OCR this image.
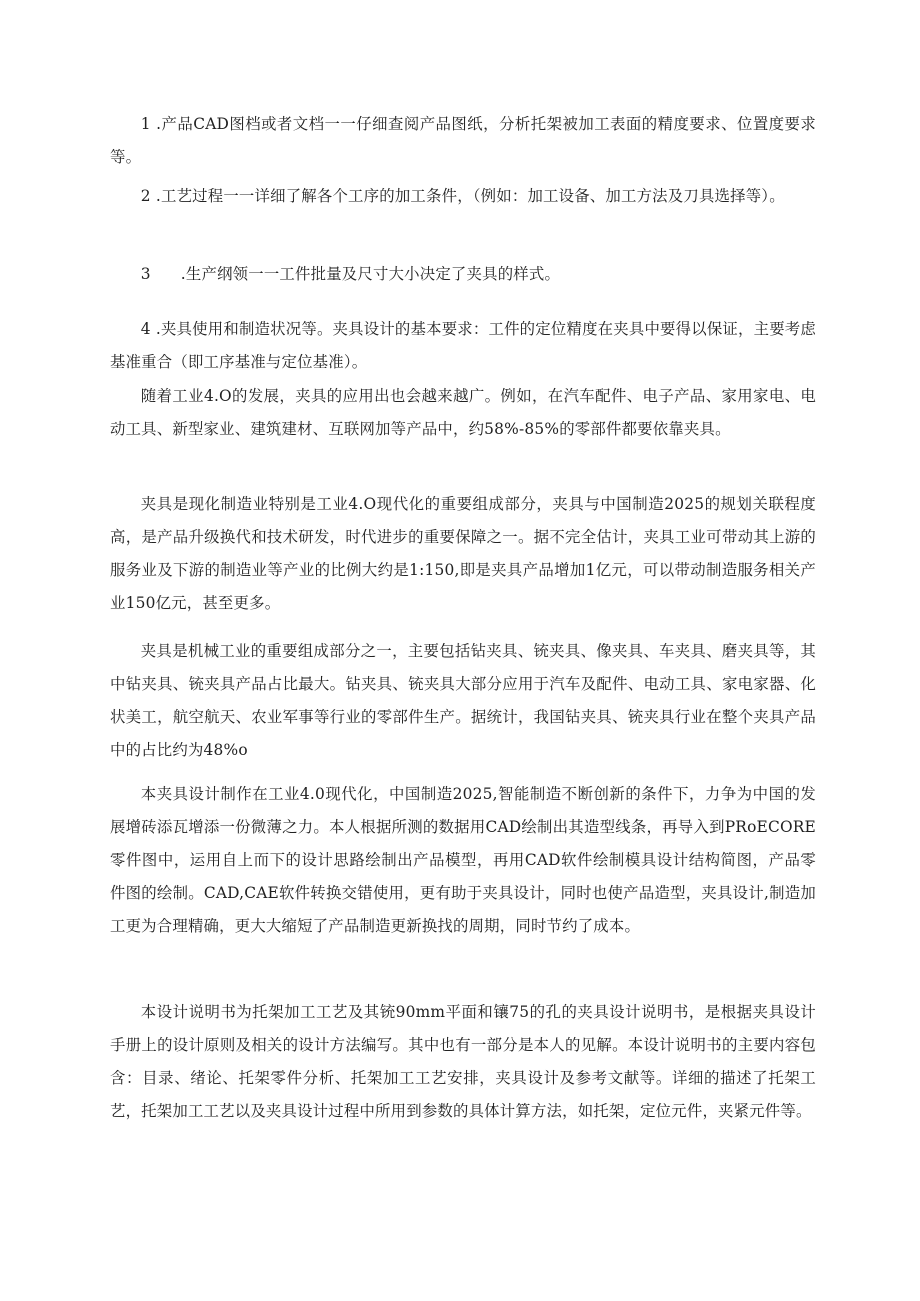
1 .产品CAD图档或者文档一一仔细查阅产品图纸，分析托架被加工表面的精度要求、位置度要求等。

2 .工艺过程一一详细了解各个工序的加工条件，（例如：加工设备、加工方法及刀具选择等）。

3 .生产纲领一一工件批量及尺寸大小决定了夹具的样式。

4 .夹具使用和制造状况等。夹具设计的基本要求：工件的定位精度在夹具中要得以保证，主要考虑基准重合（即工序基准与定位基准）。

随着工业4.O的发展，夹具的应用出也会越来越广。例如，在汽车配件、电子产品、家用家电、电动工具、新型家业、建筑建材、互联网加等产品中，约58%-85%的零部件都要依靠夹具。

夹具是现化制造业特别是工业4.O现代化的重要组成部分，夹具与中国制造2025的规划关联程度高，是产品升级换代和技术研发，时代进步的重要保障之一。据不完全估计，夹具工业可带动其上游的服务业及下游的制造业等产业的比例大约是1:150,即是夹具产品增加1亿元，可以带动制造服务相关产业150亿元，甚至更多。

夹具是机械工业的重要组成部分之一，主要包括钻夹具、铳夹具、像夹具、车夹具、磨夹具等，其中钻夹具、铳夹具产品占比最大。钻夹具、铳夹具大部分应用于汽车及配件、电动工具、家电家器、化状美工，航空航天、农业军事等行业的零部件生产。据统计，我国钻夹具、铳夹具行业在整个夹具产品中的占比约为48%o

本夹具设计制作在工业4.0现代化，中国制造2025,智能制造不断创新的条件下，力争为中国的发展增砖添瓦增添一份微薄之力。本人根据所测的数据用CAD绘制出其造型线条，再导入到PRoECORE零件图中，运用自上而下的设计思路绘制出产品模型，再用CAD软件绘制模具设计结构简图，产品零件图的绘制。CAD,CAE软件转换交错使用，更有助于夹具设计，同时也使产品造型，夹具设计,制造加工更为合理精确，更大大缩短了产品制造更新换找的周期，同时节约了成本。

本设计说明书为托架加工工艺及其铳90mm平面和镶75的孔的夹具设计说明书，是根据夹具设计手册上的设计原则及相关的设计方法编写。其中也有一部分是本人的见解。本设计说明书的主要内容包含：目录、绪论、托架零件分析、托架加工工艺安排，夹具设计及参考文献等。详细的描述了托架工艺，托架加工工艺以及夹具设计过程中所用到参数的具体计算方法，如托架，定位元件，夹紧元件等。
